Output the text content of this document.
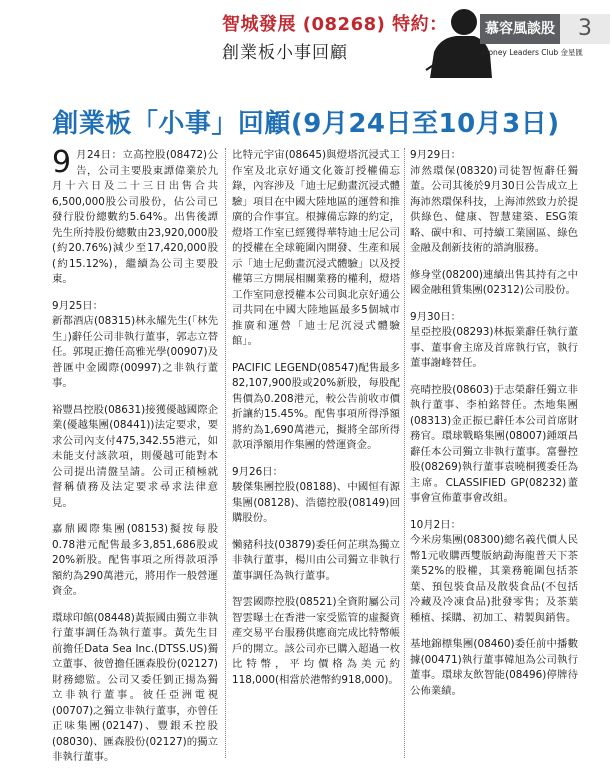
智城發展 (08268) 特約：
創業板小事回顧
慕容風談股	3
Money Leaders Club 金星匯
創業板「小事」回顧(9月24日至10月3日)

9 月24日：立高控股(08472)公告，公司主要股東譚偉業於九月十六日及二十三日出售合共6,500,000股公司股份，佔公司已發行股份總數約5.64%。出售後譚先生所持股份總數由23,920,000股(約20.76%)減少至17,420,000股(約15.12%)，繼續為公司主要股東。

9月25日：
新都酒店(08315)林永耀先生(「林先生」)辭任公司非執行董事，郭志立替任。郭現正擔任高雅光學(00907)及普匯中金國際(00997)之非執行董事。

裕豐昌控股(08631)接獲優越國際企業(優越集團(08441))法定要求，要求公司內支付475,342.55港元，如未能支付該款項，則優越可能對本公司提出清盤呈請。公司正積極就督稱債務及法定要求尋求法律意見。

嘉鼎國際集團(08153)擬按每股0.78港元配售最多3,851,686股或20%新股。配售事項之所得款項淨額約為290萬港元，將用作一般營運資金。

環球印館(08448)黃振國由獨立非執行董事調任為執行董事。黃先生目前擔任Data Sea Inc.(DTSS.US)獨立董事、彼曾擔任匯森股份(02127)財務總監。公司又委任劉正揚為獨立非執行董事。彼任亞洲電視(00707)之獨立非執行董事，亦曾任正味集團(02147)、豐銀禾控股(08030)、匯森股份(02127)的獨立非執行董事。

比特元宇宙(08645)與燈塔沉浸式工作室及北京好通文化簽訂授權備忘錄，內容涉及「迪士尼動畫沉浸式體驗」項目在中國大陸地區的運營和推廣的合作事宜。根據備忘錄的約定，燈塔工作室已經獲得華特迪士尼公司的授權在全球範圍內開發、生產和展示「迪士尼動畫沉浸式體驗」以及授權第三方開展相關業務的權利，燈塔工作室同意授權本公司與北京好通公司共同在中國大陸地區最多5個城市推廣和運營「迪士尼沉浸式體驗館」。

PACIFIC LEGEND(08547)配售最多82,107,900股或20%新股，每股配售價為0.208港元，較公告前收市價折讓約15.45%。配售事項所得淨額將約為1,690萬港元，擬將全部所得款項淨額用作集團的營運資金。

9月26日：
駿傑集團控股(08188)、中國恒有源集團(08128)、浩德控股(08149)回購股份。

懶豬科技(03879)委任何芷琪為獨立非執行董事，楊川由公司獨立非執行董事調任為執行董事。

智雲國際控股(08521)全資附屬公司智雲曝士在香港一家受監管的虛擬資產交易平台服務供應商完成比特幣帳戶的開立。該公司亦已購入超過一枚比特幣，平均價格為美元約118,000(相當於港幣約918,000)。

9月29日：
沛然環保(08320)司徒智恆辭任獨董。公司其後於9月30日公告成立上海沛然環保科技，上海沛然致力於提供綠色、健康、智慧建築、ESG策略、碳中和、可持續工業園區、綠色金融及創新技術的諮詢服務。

修身堂(08200)連續出售其持有之中國金融租賃集團(02312)公司股份。

9月30日：
星亞控股(08293)林振業辭任執行董事、董事會主席及首席執行官，執行董事謝峰替任。

亮晴控股(08603)于志榮辭任獨立非執行董事、李柏銘替任。杰地集團(08313)金正振已辭任本公司首席財務官。環球戰略集團(08007)鍾頌昌辭任本公司獨立非執行董事。富譽控股(08269)執行董事袁曉桐獲委任為主席。CLASSIFIED GP(08232)董事會宣佈董事會改組。

10月2日：
今米房集團(08300)總名義代價人民幣1元收購西雙版納勐海龍普天下茶業52%的股權，其業務範圍包括茶葉、預包裝食品及散裝食品(不包括冷藏及冷凍食品)批發零售；及茶葉種植、採購、初加工、精製與銷售。

基地錦標集團(08460)委任前中播數據(00471)執行董事韓旭為公司執行董事。環球友飲智能(08496)停牌待公佈業績。
